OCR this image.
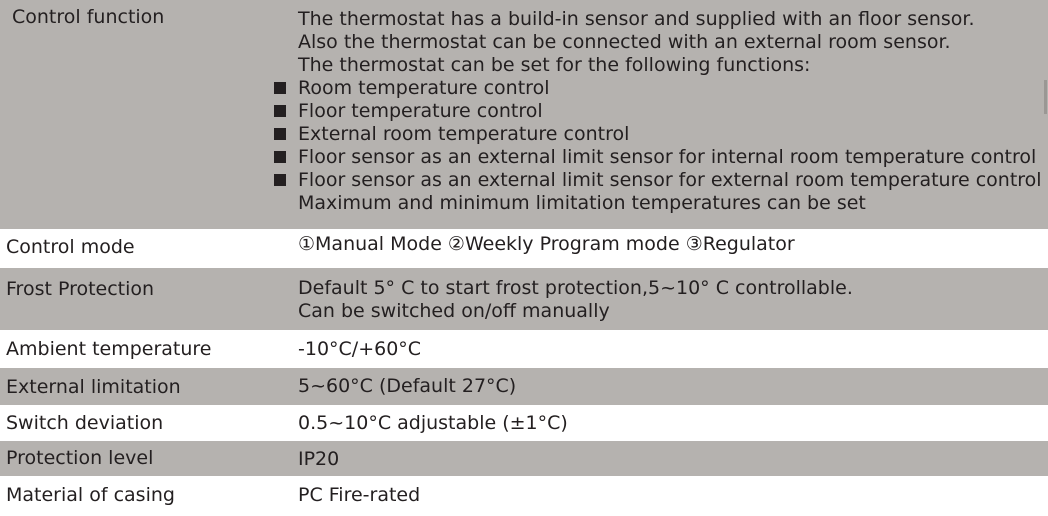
Control function	The thermostat has a build-in sensor and supplied with an floor sensor.
Also the thermostat can be connected with an external room sensor.
The thermostat can be set for the following functions:
Room temperature control
Floor temperature control
External room temperature control
Floor sensor as an external limit sensor for internal room temperature control
Floor sensor as an external limit sensor for external room temperature control
Maximum and minimum limitation temperatures can be set
Control mode	①Manual Mode ②Weekly Program mode ③Regulator
Frost Protection	Default 5° C to start frost protection,5~10° C controllable.
Can be switched on/off manually
Ambient temperature	-10°C/+60°C
External limitation	5~60°C (Default 27°C)
Switch deviation	0.5~10°C adjustable (±1°C)
Protection level	IP20
Material of casing	PC Fire-rated
